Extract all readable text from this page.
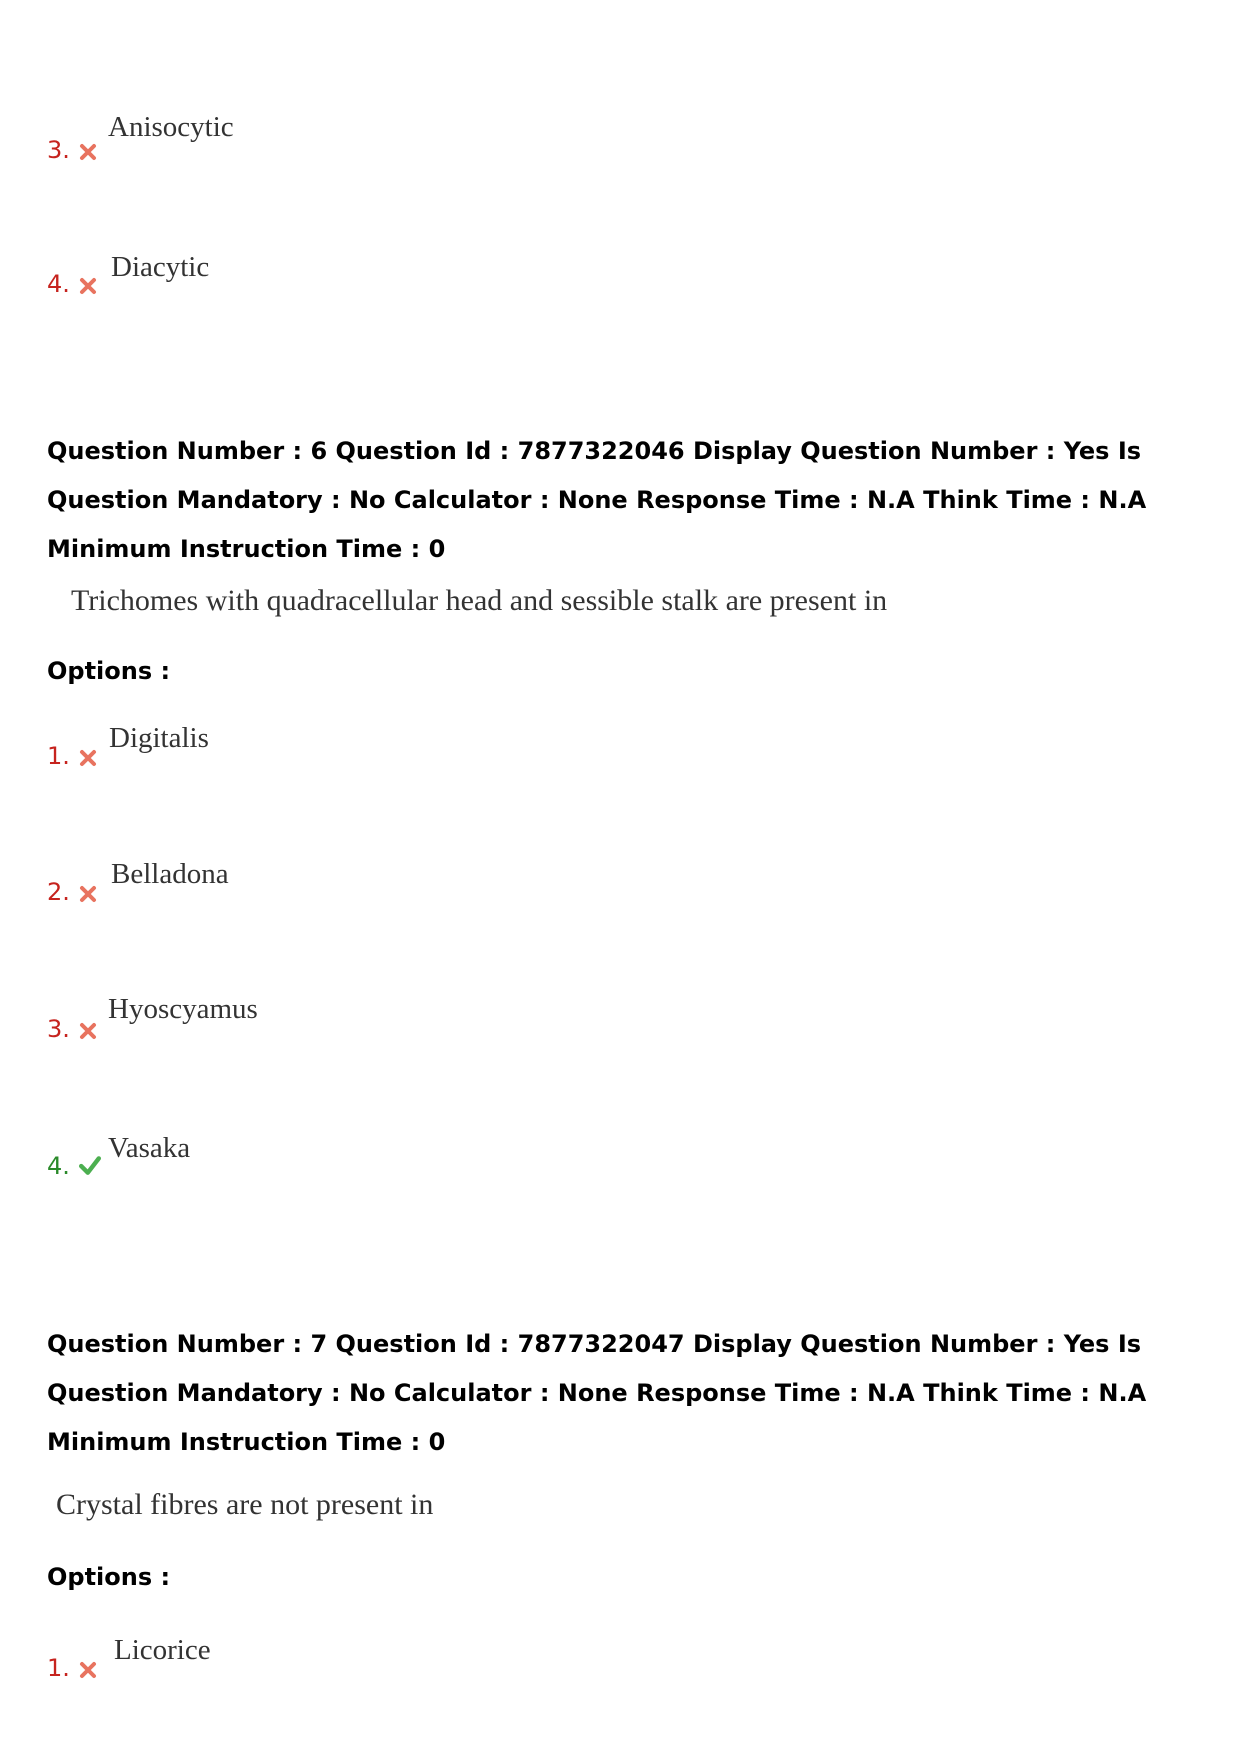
3.
Anisocytic
4.
Diacytic

Question Number : 6 Question Id : 7877322046 Display Question Number : Yes Is Question Mandatory : No Calculator : None Response Time : N.A Think Time : N.A Minimum Instruction Time : 0

Trichomes with quadracellular head and sessible stalk are present in
Options :
1.
Digitalis
2.
Belladona
3.
Hyoscyamus
4.
Vasaka

Question Number : 7 Question Id : 7877322047 Display Question Number : Yes Is Question Mandatory : No Calculator : None Response Time : N.A Think Time : N.A Minimum Instruction Time : 0

Crystal fibres are not present in
Options :
1.
Licorice
